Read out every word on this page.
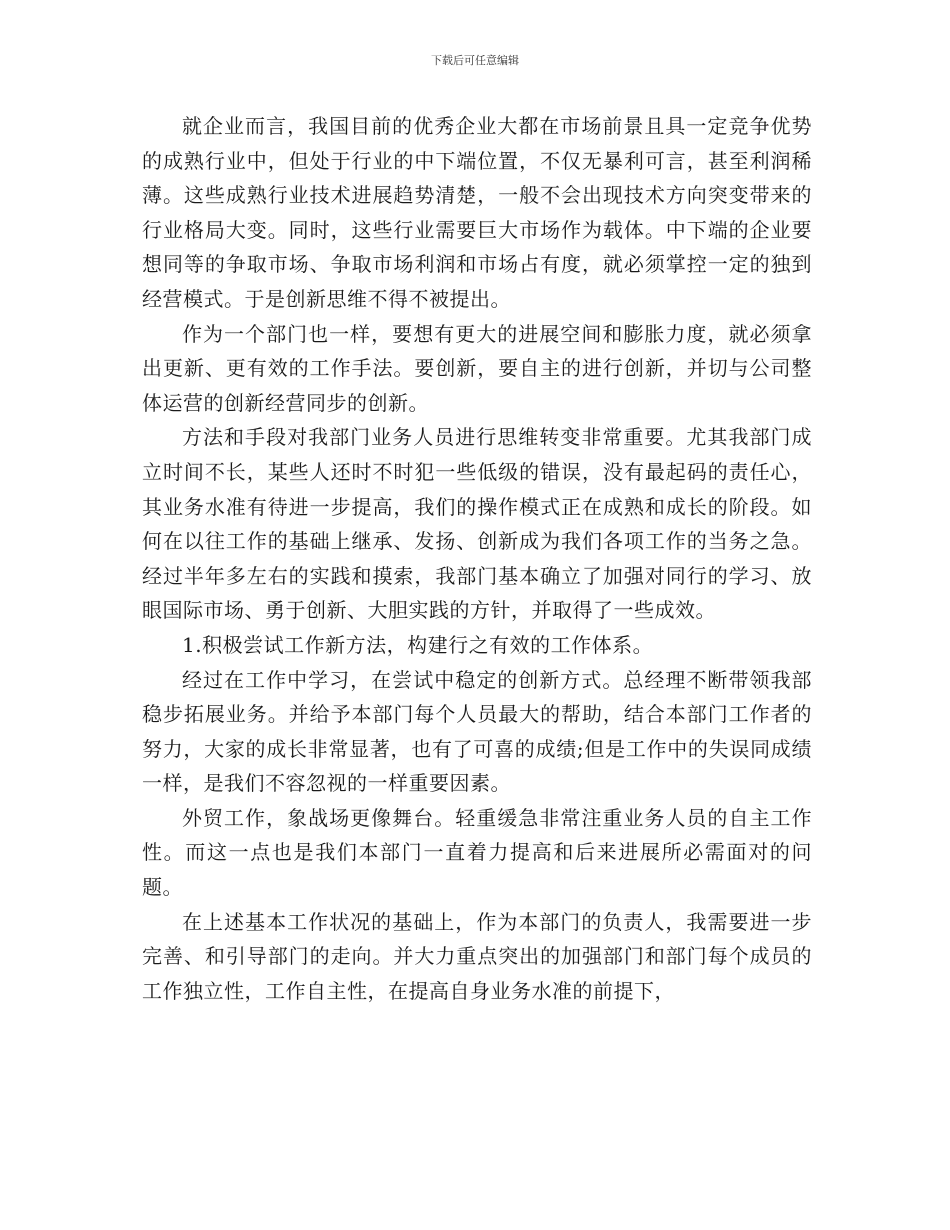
下载后可任意编辑

就企业而言，我国目前的优秀企业大都在市场前景且具一定竞争优势的成熟行业中，但处于行业的中下端位置，不仅无暴利可言，甚至利润稀薄。这些成熟行业技术进展趋势清楚，一般不会出现技术方向突变带来的行业格局大变。同时，这些行业需要巨大市场作为载体。中下端的企业要想同等的争取市场、争取市场利润和市场占有度，就必须掌控一定的独到经营模式。于是创新思维不得不被提出。

作为一个部门也一样，要想有更大的进展空间和膨胀力度，就必须拿出更新、更有效的工作手法。要创新，要自主的进行创新，并切与公司整体运营的创新经营同步的创新。

方法和手段对我部门业务人员进行思维转变非常重要。尤其我部门成立时间不长，某些人还时不时犯一些低级的错误，没有最起码的责任心，其业务水准有待进一步提高，我们的操作模式正在成熟和成长的阶段。如何在以往工作的基础上继承、发扬、创新成为我们各项工作的当务之急。经过半年多左右的实践和摸索，我部门基本确立了加强对同行的学习、放眼国际市场、勇于创新、大胆实践的方针，并取得了一些成效。

1.积极尝试工作新方法，构建行之有效的工作体系。

经过在工作中学习，在尝试中稳定的创新方式。总经理不断带领我部稳步拓展业务。并给予本部门每个人员最大的帮助，结合本部门工作者的努力，大家的成长非常显著，也有了可喜的成绩;但是工作中的失误同成绩一样，是我们不容忽视的一样重要因素。

外贸工作，象战场更像舞台。轻重缓急非常注重业务人员的自主工作性。而这一点也是我们本部门一直着力提高和后来进展所必需面对的问题。

在上述基本工作状况的基础上，作为本部门的负责人，我需要进一步完善、和引导部门的走向。并大力重点突出的加强部门和部门每个成员的工作独立性，工作自主性，在提高自身业务水准的前提下，
